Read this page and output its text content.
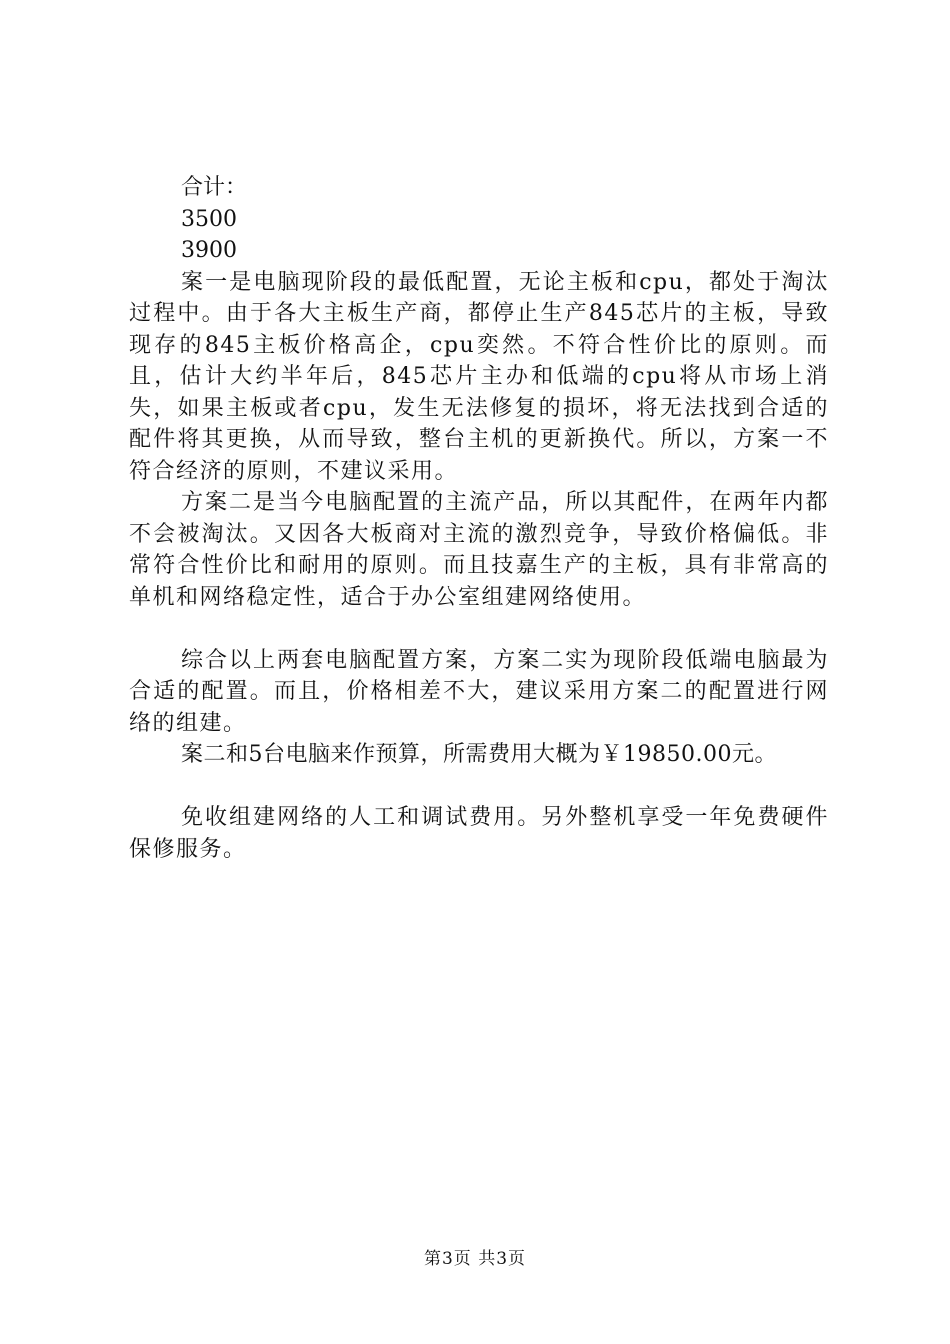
合计：
3500
3900
案一是电脑现阶段的最低配置，无论主板和cpu，都处于淘汰过程中。由于各大主板生产商，都停止生产845芯片的主板，导致现存的845主板价格高企，cpu奕然。不符合性价比的原则。而且，估计大约半年后，845芯片主办和低端的cpu将从市场上消失，如果主板或者cpu，发生无法修复的损坏，将无法找到合适的配件将其更换，从而导致，整台主机的更新换代。所以，方案一不符合经济的原则，不建议采用。
方案二是当今电脑配置的主流产品，所以其配件，在两年内都不会被淘汰。又因各大板商对主流的激烈竞争，导致价格偏低。非常符合性价比和耐用的原则。而且技嘉生产的主板，具有非常高的单机和网络稳定性，适合于办公室组建网络使用。
综合以上两套电脑配置方案，方案二实为现阶段低端电脑最为合适的配置。而且，价格相差不大，建议采用方案二的配置进行网络的组建。
案二和5台电脑来作预算，所需费用大概为￥19850.00元。
免收组建网络的人工和调试费用。另外整机享受一年免费硬件保修服务。
第3页 共3页
